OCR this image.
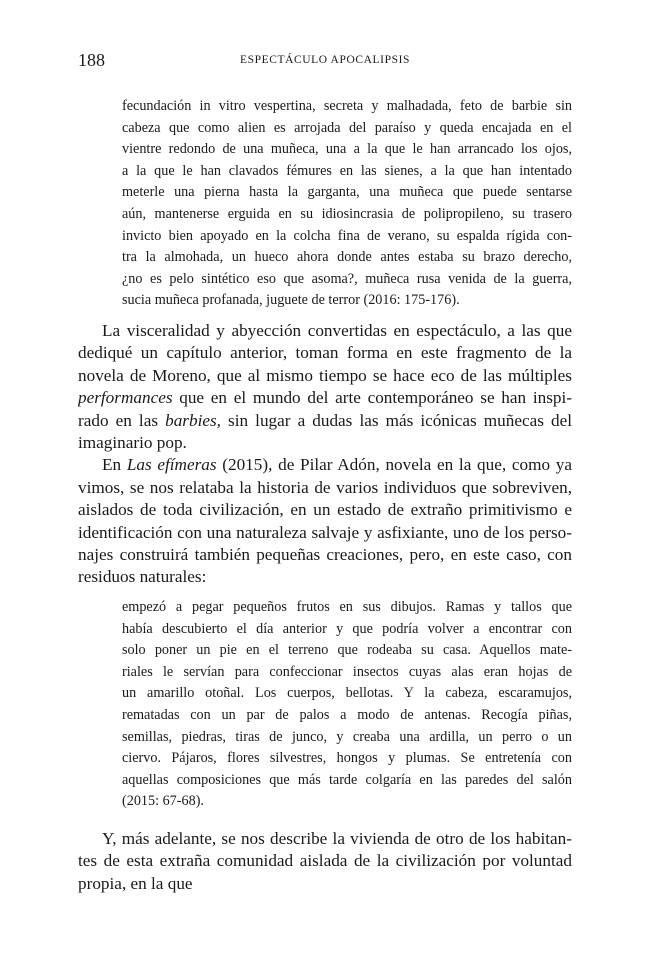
188	ESPECTÁCULO APOCALIPSIS
fecundación in vitro vespertina, secreta y malhadada, feto de barbie sin
cabeza que como alien es arrojada del paraíso y queda encajada en el
vientre redondo de una muñeca, una a la que le han arrancado los ojos,
a la que le han clavados fémures en las sienes, a la que han intentado
meterle una pierna hasta la garganta, una muñeca que puede sentarse
aún, mantenerse erguida en su idiosincrasia de polipropileno, su trasero
invicto bien apoyado en la colcha fina de verano, su espalda rígida con-
tra la almohada, un hueco ahora donde antes estaba su brazo derecho,
¿no es pelo sintético eso que asoma?, muñeca rusa venida de la guerra,
sucia muñeca profanada, juguete de terror (2016: 175-176).
La visceralidad y abyección convertidas en espectáculo, a las que
dediqué un capítulo anterior, toman forma en este fragmento de la
novela de Moreno, que al mismo tiempo se hace eco de las múltiples
performances que en el mundo del arte contemporáneo se han inspi-
rado en las barbies, sin lugar a dudas las más icónicas muñecas del
imaginario pop.
En Las efímeras (2015), de Pilar Adón, novela en la que, como ya
vimos, se nos relataba la historia de varios individuos que sobreviven,
aislados de toda civilización, en un estado de extraño primitivismo e
identificación con una naturaleza salvaje y asfixiante, uno de los perso-
najes construirá también pequeñas creaciones, pero, en este caso, con
residuos naturales:
empezó a pegar pequeños frutos en sus dibujos. Ramas y tallos que
había descubierto el día anterior y que podría volver a encontrar con
solo poner un pie en el terreno que rodeaba su casa. Aquellos mate-
riales le servían para confeccionar insectos cuyas alas eran hojas de
un amarillo otoñal. Los cuerpos, bellotas. Y la cabeza, escaramujos,
rematadas con un par de palos a modo de antenas. Recogía piñas,
semillas, piedras, tiras de junco, y creaba una ardilla, un perro o un
ciervo. Pájaros, flores silvestres, hongos y plumas. Se entretenía con
aquellas composiciones que más tarde colgaría en las paredes del salón
(2015: 67-68).
Y, más adelante, se nos describe la vivienda de otro de los habitan-
tes de esta extraña comunidad aislada de la civilización por voluntad
propia, en la que
